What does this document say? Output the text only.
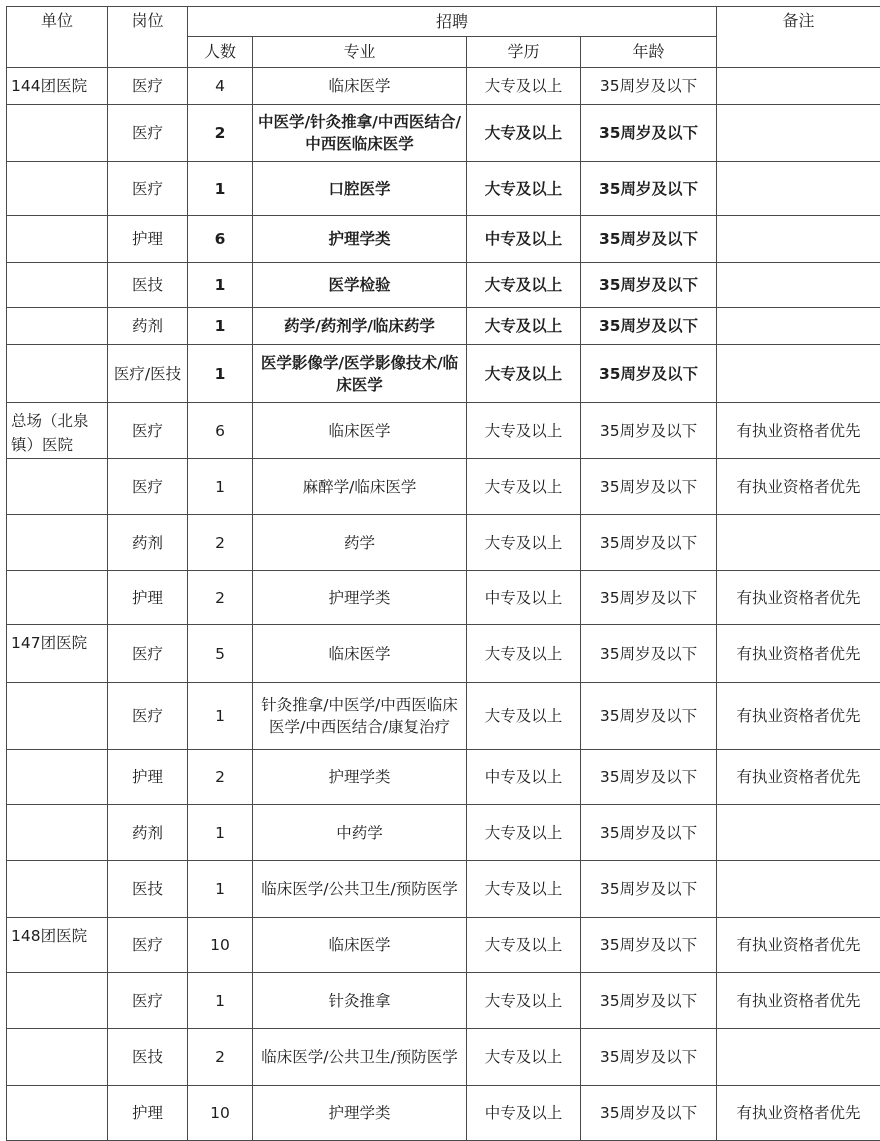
单位	岗位	招聘				备注
		人数	专业	学历	年龄	
144团医院	医疗	4	临床医学	大专及以上	35周岁及以下	
	医疗	2	中医学/针灸推拿/中西医结合/中西医临床医学	大专及以上	35周岁及以下	
	医疗	1	口腔医学	大专及以上	35周岁及以下	
	护理	6	护理学类	中专及以上	35周岁及以下	
	医技	1	医学检验	大专及以上	35周岁及以下	
	药剂	1	药学/药剂学/临床药学	大专及以上	35周岁及以下	
	医疗/医技	1	医学影像学/医学影像技术/临床医学	大专及以上	35周岁及以下	
总场（北泉镇）医院	医疗	6	临床医学	大专及以上	35周岁及以下	有执业资格者优先
	医疗	1	麻醉学/临床医学	大专及以上	35周岁及以下	有执业资格者优先
	药剂	2	药学	大专及以上	35周岁及以下	
	护理	2	护理学类	中专及以上	35周岁及以下	有执业资格者优先
147团医院	医疗	5	临床医学	大专及以上	35周岁及以下	有执业资格者优先
	医疗	1	针灸推拿/中医学/中西医临床医学/中西医结合/康复治疗	大专及以上	35周岁及以下	有执业资格者优先
	护理	2	护理学类	中专及以上	35周岁及以下	有执业资格者优先
	药剂	1	中药学	大专及以上	35周岁及以下	
	医技	1	临床医学/公共卫生/预防医学	大专及以上	35周岁及以下	
148团医院	医疗	10	临床医学	大专及以上	35周岁及以下	有执业资格者优先
	医疗	1	针灸推拿	大专及以上	35周岁及以下	有执业资格者优先
	医技	2	临床医学/公共卫生/预防医学	大专及以上	35周岁及以下	
	护理	10	护理学类	中专及以上	35周岁及以下	有执业资格者优先
